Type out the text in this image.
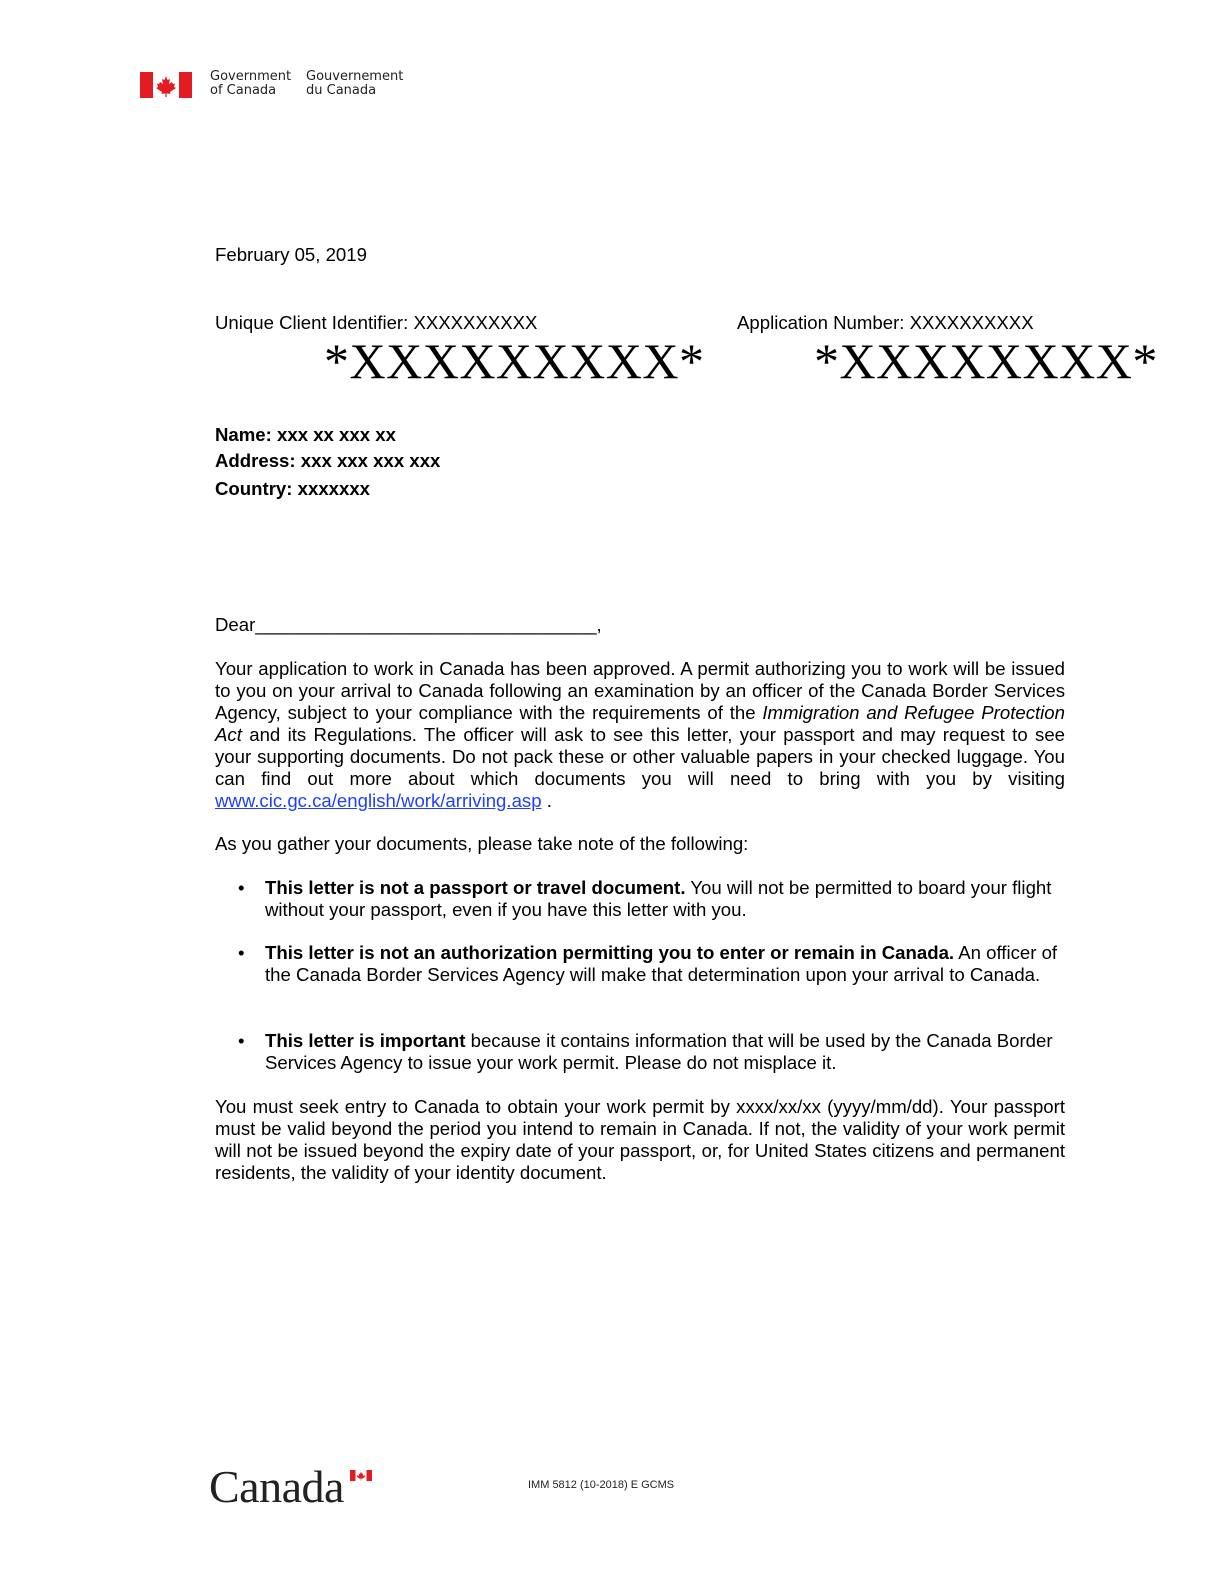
Government
of Canada
Gouvernement
du Canada
February 05, 2019
Unique Client Identifier: XXXXXXXXXX	Application Number: XXXXXXXXXX
*XXXXXXXXX* *XXXXXXXX*
Name: xxx xx xxx xx
Address: xxx xxx xxx xxx
Country: xxxxxxx
Dear_________________________________,
Your application to work in Canada has been approved. A permit authorizing you to work will be issued to you on your arrival to Canada following an examination by an officer of the Canada Border Services Agency, subject to your compliance with the requirements of the Immigration and Refugee Protection Act and its Regulations. The officer will ask to see this letter, your passport and may request to see your supporting documents. Do not pack these or other valuable papers in your checked luggage. You can find out more about which documents you will need to bring with you by visiting www.cic.gc.ca/english/work/arriving.asp .
As you gather your documents, please take note of the following:
• This letter is not a passport or travel document. You will not be permitted to board your flight without your passport, even if you have this letter with you.
• This letter is not an authorization permitting you to enter or remain in Canada. An officer of the Canada Border Services Agency will make that determination upon your arrival to Canada.
• This letter is important because it contains information that will be used by the Canada Border Services Agency to issue your work permit. Please do not misplace it.
You must seek entry to Canada to obtain your work permit by xxxx/xx/xx (yyyy/mm/dd). Your passport must be valid beyond the period you intend to remain in Canada. If not, the validity of your work permit will not be issued beyond the expiry date of your passport, or, for United States citizens and permanent residents, the validity of your identity document.
Canada	IMM 5812 (10-2018) E GCMS
